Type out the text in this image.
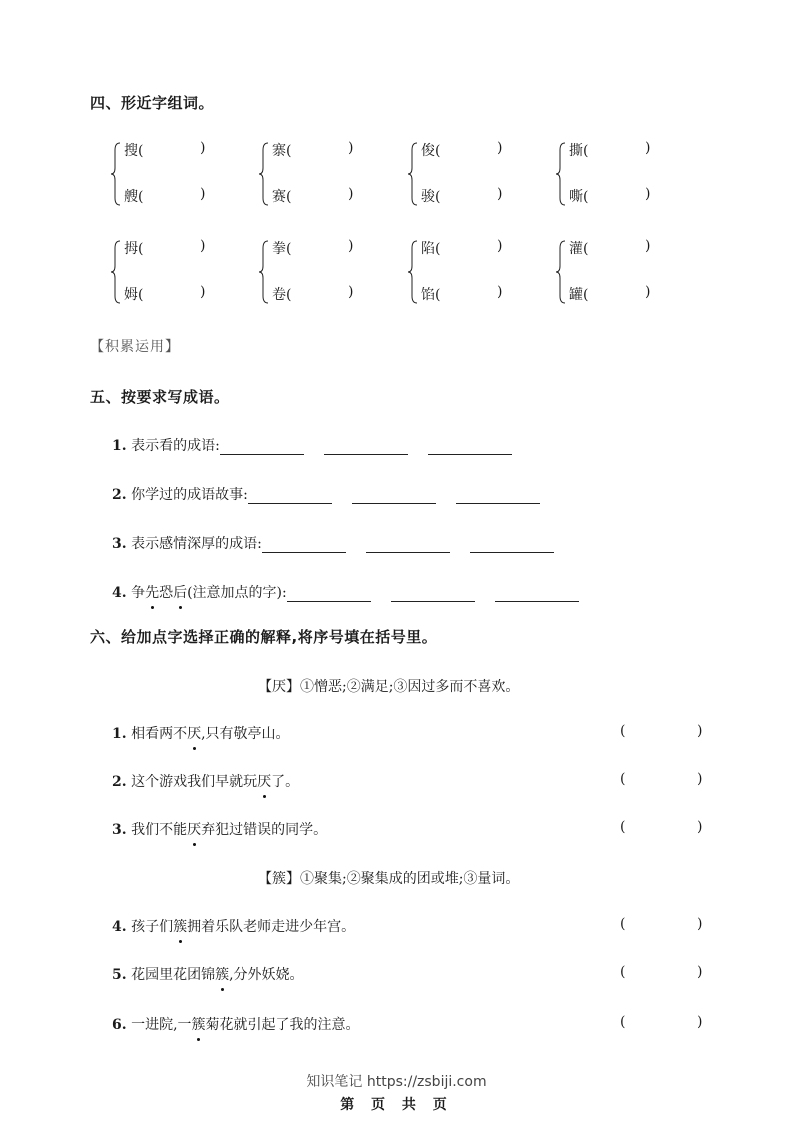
四、形近字组词。
搜(	)
艘(	)
寨(	)
赛(	)
俊(	)
骏(	)
撕(	)
嘶(	)
拇(	)
姆(	)
拳(	)
卷(	)
陷(	)
馅(	)
灌(	)
罐(	)
【积累运用】
五、按要求写成语。
1. 表示看的成语:
2. 你学过的成语故事:
3. 表示感情深厚的成语:
4. 争先恐后(注意加点的字):
六、给加点字选择正确的解释,将序号填在括号里。
【厌】①憎恶;②满足;③因过多而不喜欢。
1. 相看两不厌,只有敬亭山。	(	)
2. 这个游戏我们早就玩厌了。	(	)
3. 我们不能厌弃犯过错误的同学。	(	)
【簇】①聚集;②聚集成的团或堆;③量词。
4. 孩子们簇拥着乐队老师走进少年宫。	(	)
5. 花园里花团锦簇,分外妖娆。	(	)
6. 一进院,一簇菊花就引起了我的注意。	(	)
知识笔记 https://zsbiji.com
第 页 共 页
